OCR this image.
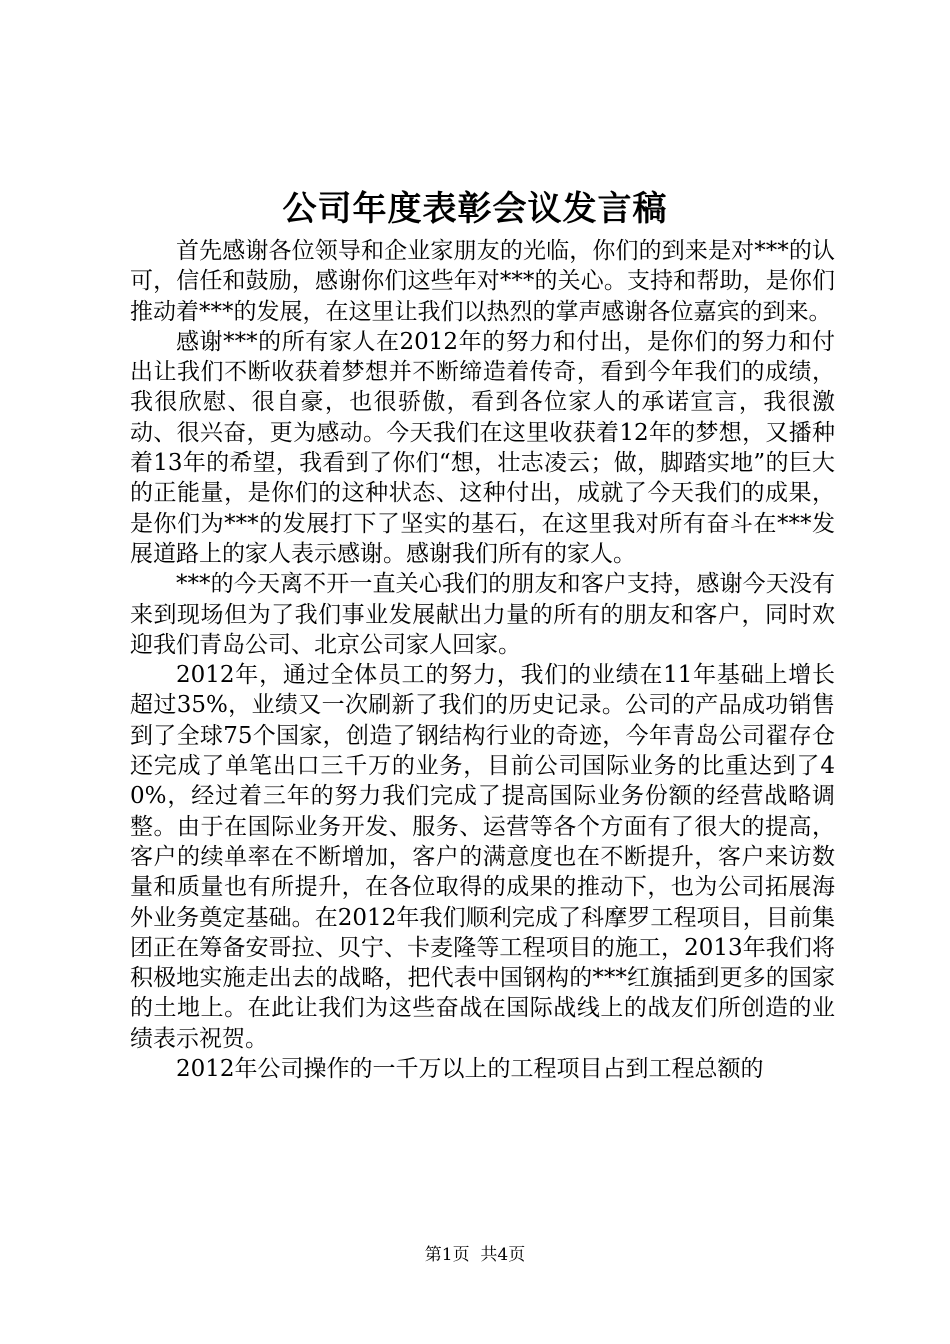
公司年度表彰会议发言稿

首先感谢各位领导和企业家朋友的光临，你们的到来是对***的认可，信任和鼓励，感谢你们这些年对***的关心。支持和帮助，是你们推动着***的发展，在这里让我们以热烈的掌声感谢各位嘉宾的到来。

感谢***的所有家人在2012年的努力和付出，是你们的努力和付出让我们不断收获着梦想并不断缔造着传奇，看到今年我们的成绩，我很欣慰、很自豪，也很骄傲，看到各位家人的承诺宣言，我很激动、很兴奋，更为感动。今天我们在这里收获着12年的梦想，又播种着13年的希望，我看到了你们“想，壮志凌云；做，脚踏实地”的巨大的正能量，是你们的这种状态、这种付出，成就了今天我们的成果，是你们为***的发展打下了坚实的基石，在这里我对所有奋斗在***发展道路上的家人表示感谢。感谢我们所有的家人。

***的今天离不开一直关心我们的朋友和客户支持，感谢今天没有来到现场但为了我们事业发展献出力量的所有的朋友和客户，同时欢迎我们青岛公司、北京公司家人回家。

2012年，通过全体员工的努力，我们的业绩在11年基础上增长超过35%，业绩又一次刷新了我们的历史记录。公司的产品成功销售到了全球75个国家，创造了钢结构行业的奇迹，今年青岛公司翟存仓还完成了单笔出口三千万的业务，目前公司国际业务的比重达到了40%，经过着三年的努力我们完成了提高国际业务份额的经营战略调整。由于在国际业务开发、服务、运营等各个方面有了很大的提高，客户的续单率在不断增加，客户的满意度也在不断提升，客户来访数量和质量也有所提升，在各位取得的成果的推动下，也为公司拓展海外业务奠定基础。在2012年我们顺利完成了科摩罗工程项目，目前集团正在筹备安哥拉、贝宁、卡麦隆等工程项目的施工，2013年我们将积极地实施走出去的战略，把代表中国钢构的***红旗插到更多的国家的土地上。在此让我们为这些奋战在国际战线上的战友们所创造的业绩表示祝贺。

2012年公司操作的一千万以上的工程项目占到工程总额的

第1页 共4页
